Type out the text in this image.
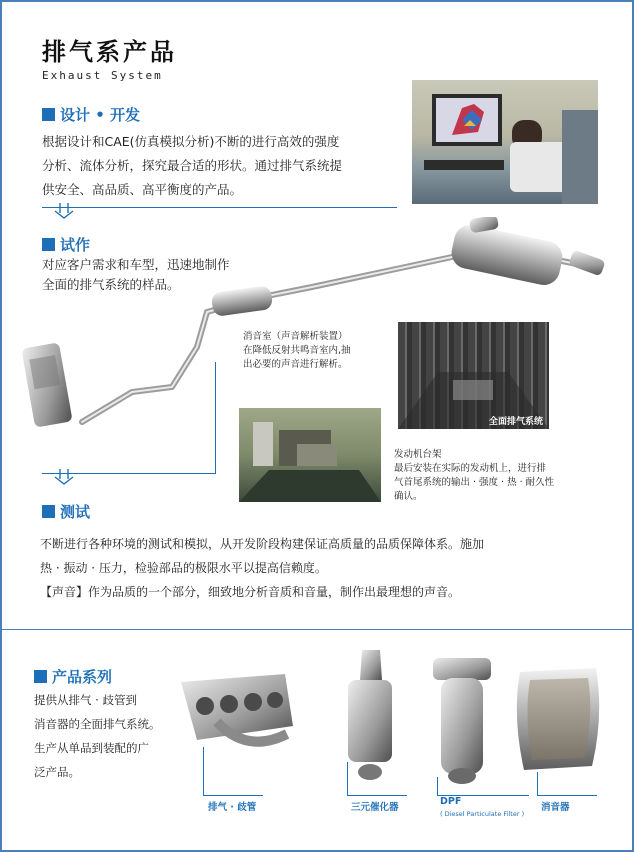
排气系产品
Exhaust System
设计 • 开发
根据设计和CAE(仿真模拟分析)不断的进行高效的强度
分析、流体分析，探究最合适的形状。通过排气系统提
供安全、高品质、高平衡度的产品。
试作
对应客户需求和车型，迅速地制作
全面的排气系统的样品。
消音室（声音解析装置）
在降低反射共鸣音室内,抽
出必要的声音进行解析。
全面排气系统
发动机台架
最后安装在实际的发动机上，进行排
气首尾系统的输出 · 强度 · 热 · 耐久性
确认。
测试
不断进行各种环境的测试和模拟，从开发阶段构建保证高质量的品质保障体系。施加
热 · 振动 · 压力，检验部品的极限水平以提高信赖度。
【声音】作为品质的一个部分，细致地分析音质和音量，制作出最理想的声音。
产品系列
提供从排气 · 歧管到
消音器的全面排气系统。
生产从单品到装配的广
泛产品。
排气 · 歧管	三元催化器
DPF
( Diesel Particulate Filter )
消音器
